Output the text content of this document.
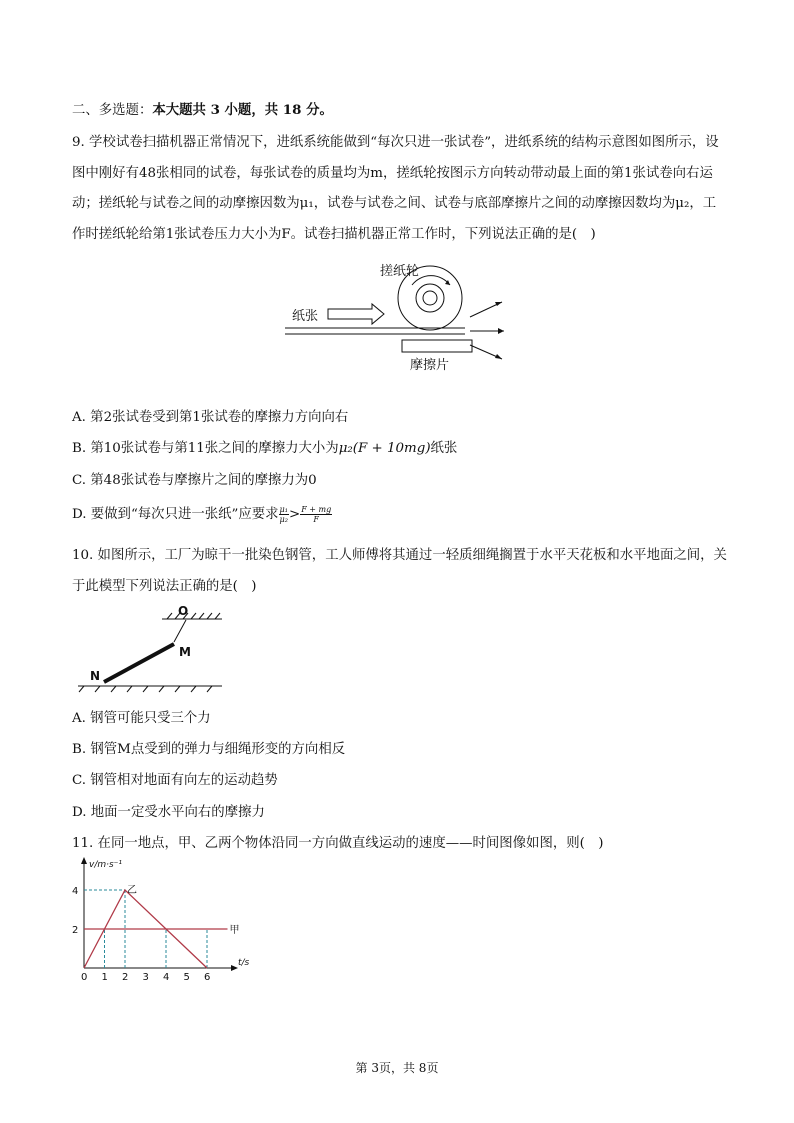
二、多选题：本大题共 3 小题，共 18 分。
9. 学校试卷扫描机器正常情况下，进纸系统能做到“每次只进一张试卷”，进纸系统的结构示意图如图所示，设图中刚好有48张相同的试卷，每张试卷的质量均为m，搓纸轮按图示方向转动带动最上面的第1张试卷向右运动；搓纸轮与试卷之间的动摩擦因数为μ₁，试卷与试卷之间、试卷与底部摩擦片之间的动摩擦因数均为μ₂，工作时搓纸轮给第1张试卷压力大小为F。试卷扫描机器正常工作时，下列说法正确的是(　)
搓纸轮
纸张
摩擦片
A. 第2张试卷受到第1张试卷的摩擦力方向向右
B. 第10张试卷与第11张之间的摩擦力大小为μ₂(F + 10mg)纸张
C. 第48张试卷与摩擦片之间的摩擦力为0
D. 要做到“每次只进一张纸”应要求 $\frac{\text{μ₁}}{\text{μ₂}} > \frac{F + mg}{F}$
10. 如图所示，工厂为晾干一批染色钢管，工人师傅将其通过一轻质细绳搁置于水平天花板和水平地面之间，关于此模型下列说法正确的是(　)
O
M
N
A. 钢管可能只受三个力
B. 钢管M点受到的弹力与细绳形变的方向相反
C. 钢管相对地面有向左的运动趋势
D. 地面一定受水平向右的摩擦力
11. 在同一地点，甲、乙两个物体沿同一方向做直线运动的速度——时间图像如图，则(　)
v/m·s⁻¹
t/s
0 1 2 3 4 5 6
2
4
甲
乙
第 3页，共 8页
